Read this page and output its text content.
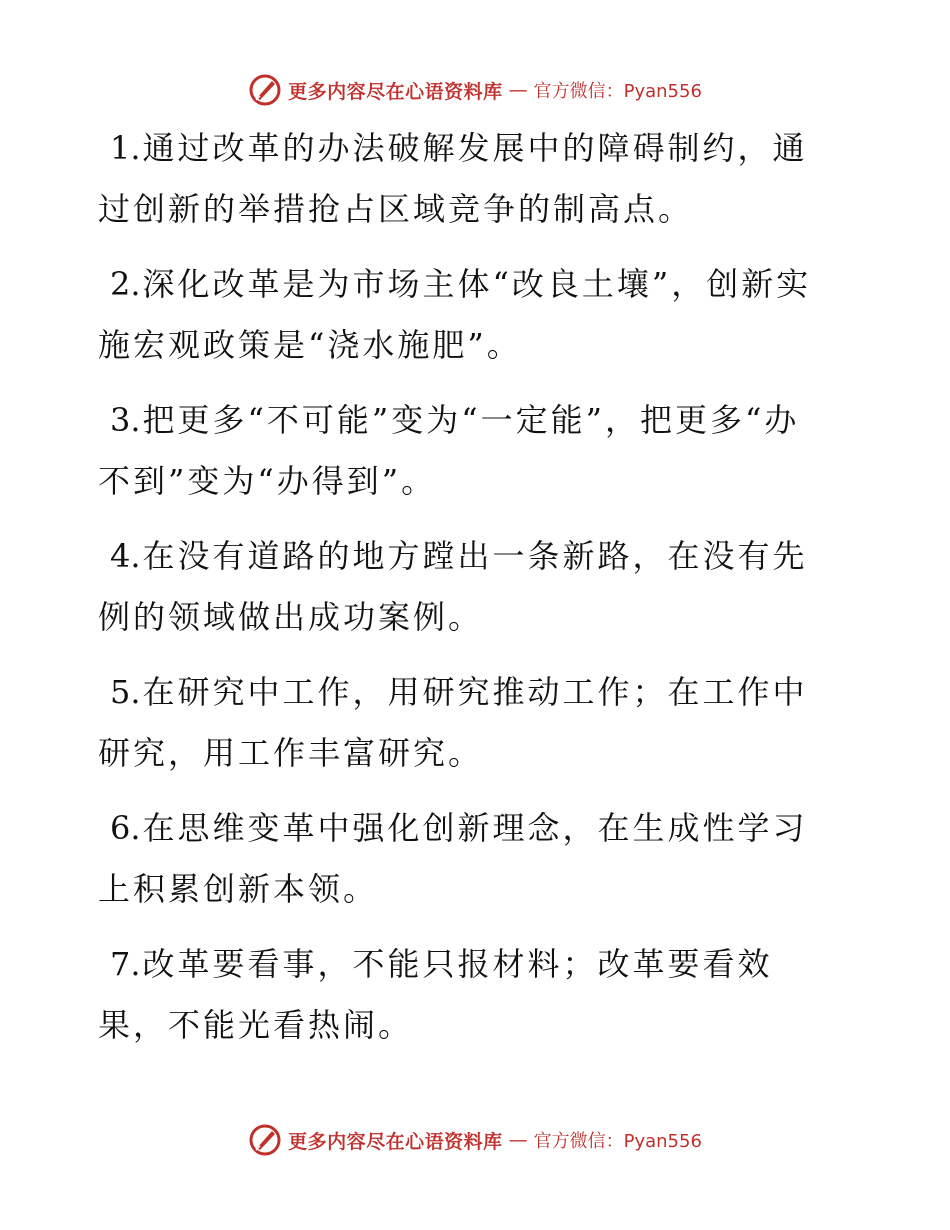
更多内容尽在心语资料库 — 官方微信：Pyan556

1.通过改革的办法破解发展中的障碍制约，通过创新的举措抢占区域竞争的制高点。

2.深化改革是为市场主体“改良土壤”，创新实施宏观政策是“浇水施肥”。

3.把更多“不可能”变为“一定能”，把更多“办不到”变为“办得到”。

4.在没有道路的地方蹚出一条新路，在没有先例的领域做出成功案例。

5.在研究中工作，用研究推动工作；在工作中研究，用工作丰富研究。

6.在思维变革中强化创新理念，在生成性学习上积累创新本领。

7.改革要看事，不能只报材料；改革要看效果，不能光看热闹。

更多内容尽在心语资料库 — 官方微信：Pyan556
